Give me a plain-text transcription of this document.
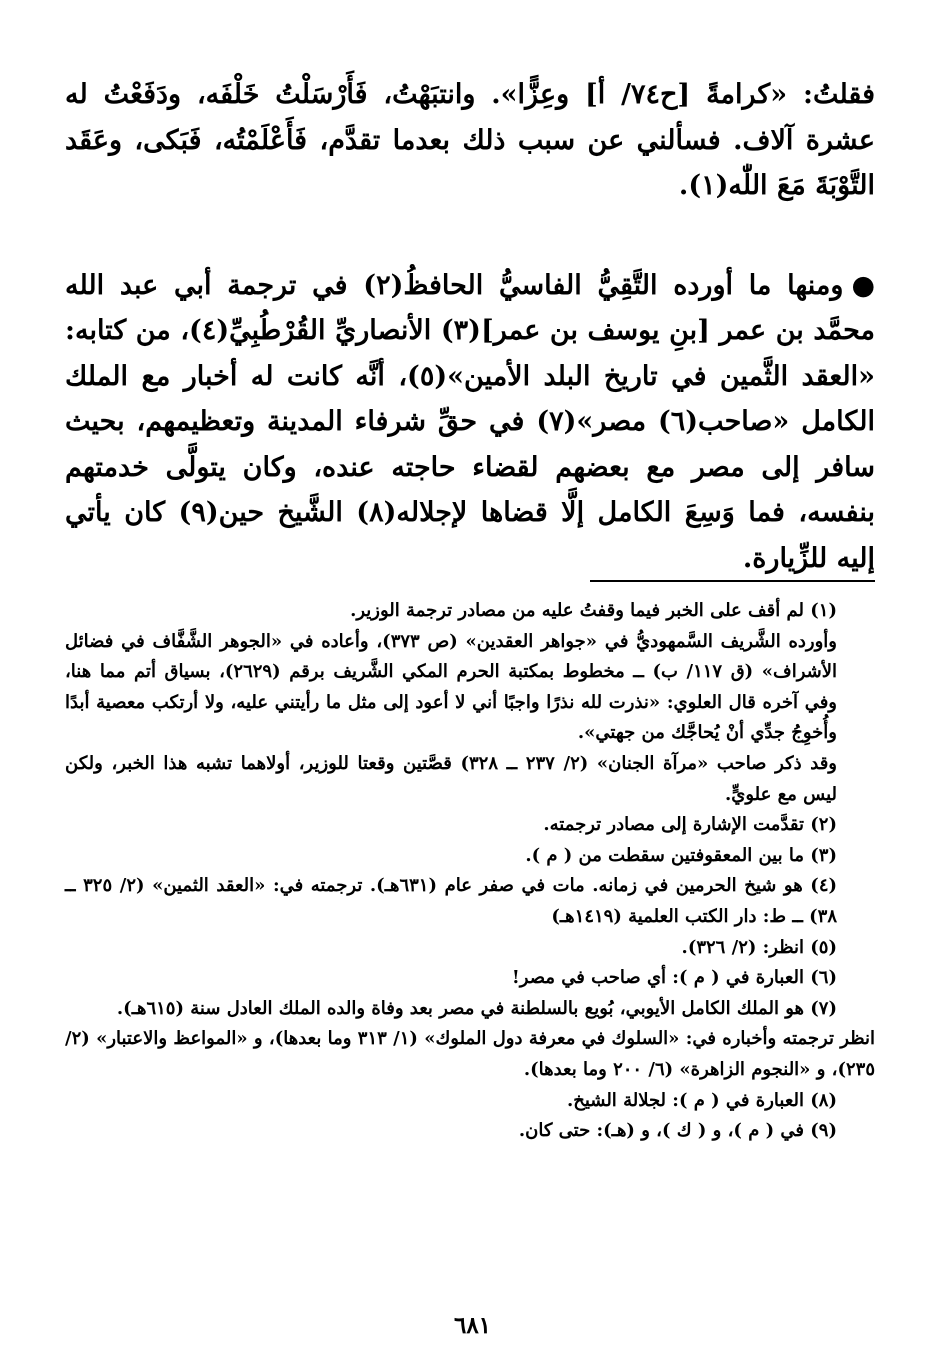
فقلتُ: «كرامةً [ح٧٤/ أ] وعِزًّا». وانتبَهْتُ، فَأَرْسَلْتُ خَلْفَه، ودَفَعْتُ له عشرة آلاف. فسألني عن سبب ذلك بعدما تقدَّم، فَأَعْلَمْتُه، فَبَكى، وعَقَد التَّوْبَةَ مَعَ اللّٰه(١).

●ومنها ما أورده التَّقِيُّ الفاسيُّ الحافظُ(٢) في ترجمة أبي عبد الله محمَّد بن عمر [بنِ يوسف بن عمر](٣) الأنصاريِّ القُرْطُبِيِّ(٤)، من كتابه: «العقد الثَّمين في تاريخ البلد الأمين»(٥)، أنَّه كانت له أخبار مع الملك الكامل «صاحب(٦) مصر»(٧) في حقِّ شرفاء المدينة وتعظيمهم، بحيث سافر إلى مصر مع بعضهم لقضاء حاجته عنده، وكان يتولَّى خدمتهم بنفسه، فما وَسِعَ الكامل إلَّا قضاها لإجلاله(٨) الشَّيخ حين(٩) كان يأتي إليه للزِّيارة.

(١) لم أقف على الخبر فيما وقفتُ عليه من مصادر ترجمة الوزير.

وأورده الشَّريف السَّمهوديُّ في «جواهر العقدين» (ص ٣٧٣)، وأعاده في «الجوهر الشَّفَّاف في فضائل الأشراف» (ق ١١٧/ ب) ــ مخطوط بمكتبة الحرم المكي الشَّريف برقم (٢٦٢٩)، بسياق أتم مما هنا، وفي آخره قال العلوي: «نذرت لله نذرًا واجبًا أني لا أعود إلى مثل ما رأيتني عليه، ولا أرتكب معصية أبدًا وأُخوِجُ جدِّي أنْ يُحاجَّك من جهتي».

وقد ذكر صاحب «مرآة الجنان» (٢/ ٢٣٧ ــ ٣٢٨) قصَّتين وقعتا للوزير، أولاهما تشبه هذا الخبر، ولكن ليس مع علويٍّ.

(٢) تقدَّمت الإشارة إلى مصادر ترجمته.

(٣) ما بين المعقوفتين سقطت من ( م ).

(٤) هو شيخ الحرمين في زمانه. مات في صفر عام (٦٣١هـ). ترجمته في: «العقد الثمين» (٢/ ٣٢٥ ــ ٣٨) ــ ط: دار الكتب العلمية (١٤١٩هـ)

(٥) انظر: (٢/ ٣٢٦).

(٦) العبارة في ( م ): أي صاحب في مصر!

(٧) هو الملك الكامل الأيوبي، بُويع بالسلطنة في مصر بعد وفاة والده الملك العادل سنة (٦١٥هـ).

انظر ترجمته وأخباره في: «السلوك في معرفة دول الملوك» (١/ ٣١٣ وما بعدها)، و «المواعظ والاعتبار» (٢/ ٢٣٥)، و «النجوم الزاهرة» (٦/ ٢٠٠ وما بعدها).

(٨) العبارة في ( م ): لجلالة الشيخ.

(٩) في ( م )، و ( ك )، و (هـ): حتى كان.

٦٨١
